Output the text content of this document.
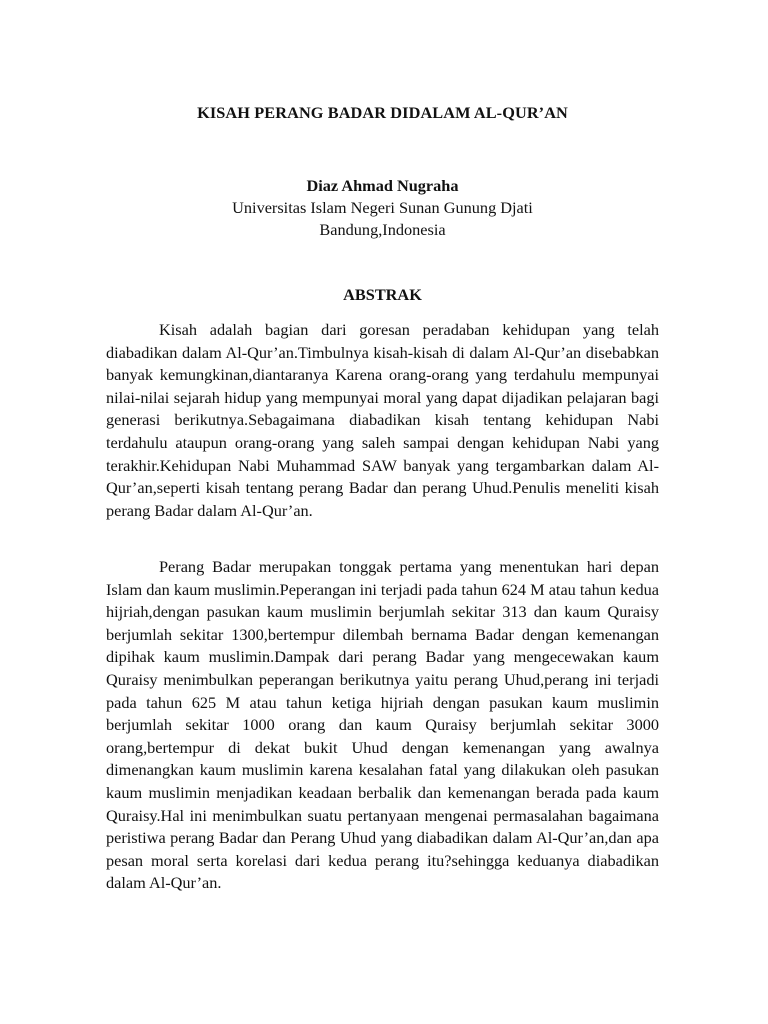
KISAH PERANG BADAR DIDALAM AL-QUR’AN
Diaz Ahmad Nugraha
Universitas Islam Negeri Sunan Gunung Djati
Bandung,Indonesia
ABSTRAK

Kisah adalah bagian dari goresan peradaban kehidupan yang telah diabadikan dalam Al-Qur’an.Timbulnya kisah-kisah di dalam Al-Qur’an disebabkan banyak kemungkinan,diantaranya Karena orang-orang yang terdahulu mempunyai nilai-nilai sejarah hidup yang mempunyai moral yang dapat dijadikan pelajaran bagi generasi berikutnya.Sebagaimana diabadikan kisah tentang kehidupan Nabi terdahulu ataupun orang-orang yang saleh sampai dengan kehidupan Nabi yang terakhir.Kehidupan Nabi Muhammad SAW banyak yang tergambarkan dalam Al-Qur’an,seperti kisah tentang perang Badar dan perang Uhud.Penulis meneliti kisah perang Badar dalam Al-Qur’an.

Perang Badar merupakan tonggak pertama yang menentukan hari depan Islam dan kaum muslimin.Peperangan ini terjadi pada tahun 624 M atau tahun kedua hijriah,dengan pasukan kaum muslimin berjumlah sekitar 313 dan kaum Quraisy berjumlah sekitar 1300,bertempur dilembah bernama Badar dengan kemenangan dipihak kaum muslimin.Dampak dari perang Badar yang mengecewakan kaum Quraisy menimbulkan peperangan berikutnya yaitu perang Uhud,perang ini terjadi pada tahun 625 M atau tahun ketiga hijriah dengan pasukan kaum muslimin berjumlah sekitar 1000 orang dan kaum Quraisy berjumlah sekitar 3000 orang,bertempur di dekat bukit Uhud dengan kemenangan yang awalnya dimenangkan kaum muslimin karena kesalahan fatal yang dilakukan oleh pasukan kaum muslimin menjadikan keadaan berbalik dan kemenangan berada pada kaum Quraisy.Hal ini menimbulkan suatu pertanyaan mengenai permasalahan bagaimana peristiwa perang Badar dan Perang Uhud yang diabadikan dalam Al-Qur’an,dan apa pesan moral serta korelasi dari kedua perang itu?sehingga keduanya diabadikan dalam Al-Qur’an.
